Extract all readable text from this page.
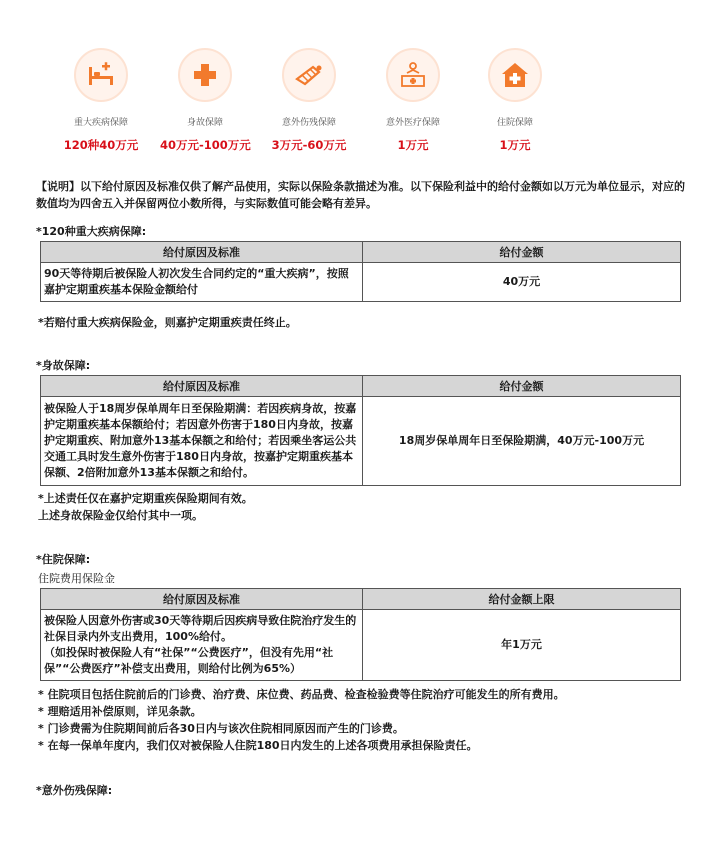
重大疾病保障
120种40万元
身故保障
40万元-100万元
意外伤残保障
3万元-60万元
意外医疗保障
1万元
住院保障
1万元
【说明】以下给付原因及标准仅供了解产品使用，实际以保险条款描述为准。以下保险利益中的给付金额如以万元为单位显示，对应的数值均为四舍五入并保留两位小数所得，与实际数值可能会略有差异。
*120种重大疾病保障:
给付原因及标准	给付金额
90天等待期后被保险人初次发生合同约定的“重大疾病”，按照嘉护定期重疾基本保险金额给付	40万元
*若赔付重大疾病保险金，则嘉护定期重疾责任终止。
*身故保障:
给付原因及标准	给付金额
被保险人于18周岁保单周年日至保险期满：若因疾病身故，按嘉护定期重疾基本保额给付；若因意外伤害于180日内身故，按嘉护定期重疾、附加意外13基本保额之和给付；若因乘坐客运公共交通工具时发生意外伤害于180日内身故，按嘉护定期重疾基本保额、2倍附加意外13基本保额之和给付。	18周岁保单周年日至保险期满，40万元-100万元
*上述责任仅在嘉护定期重疾保险期间有效。
上述身故保险金仅给付其中一项。
*住院保障:
住院费用保险金
给付原因及标准	给付金额上限
被保险人因意外伤害或30天等待期后因疾病导致住院治疗发生的社保目录内外支出费用，100%给付。
（如投保时被保险人有“社保”“公费医疗”，但没有先用“社保”“公费医疗”补偿支出费用，则给付比例为65%）	年1万元
* 住院项目包括住院前后的门诊费、治疗费、床位费、药品费、检查检验费等住院治疗可能发生的所有费用。
* 理赔适用补偿原则，详见条款。
* 门诊费需为住院期间前后各30日内与该次住院相同原因而产生的门诊费。
* 在每一保单年度内，我们仅对被保险人住院180日内发生的上述各项费用承担保险责任。
*意外伤残保障:
